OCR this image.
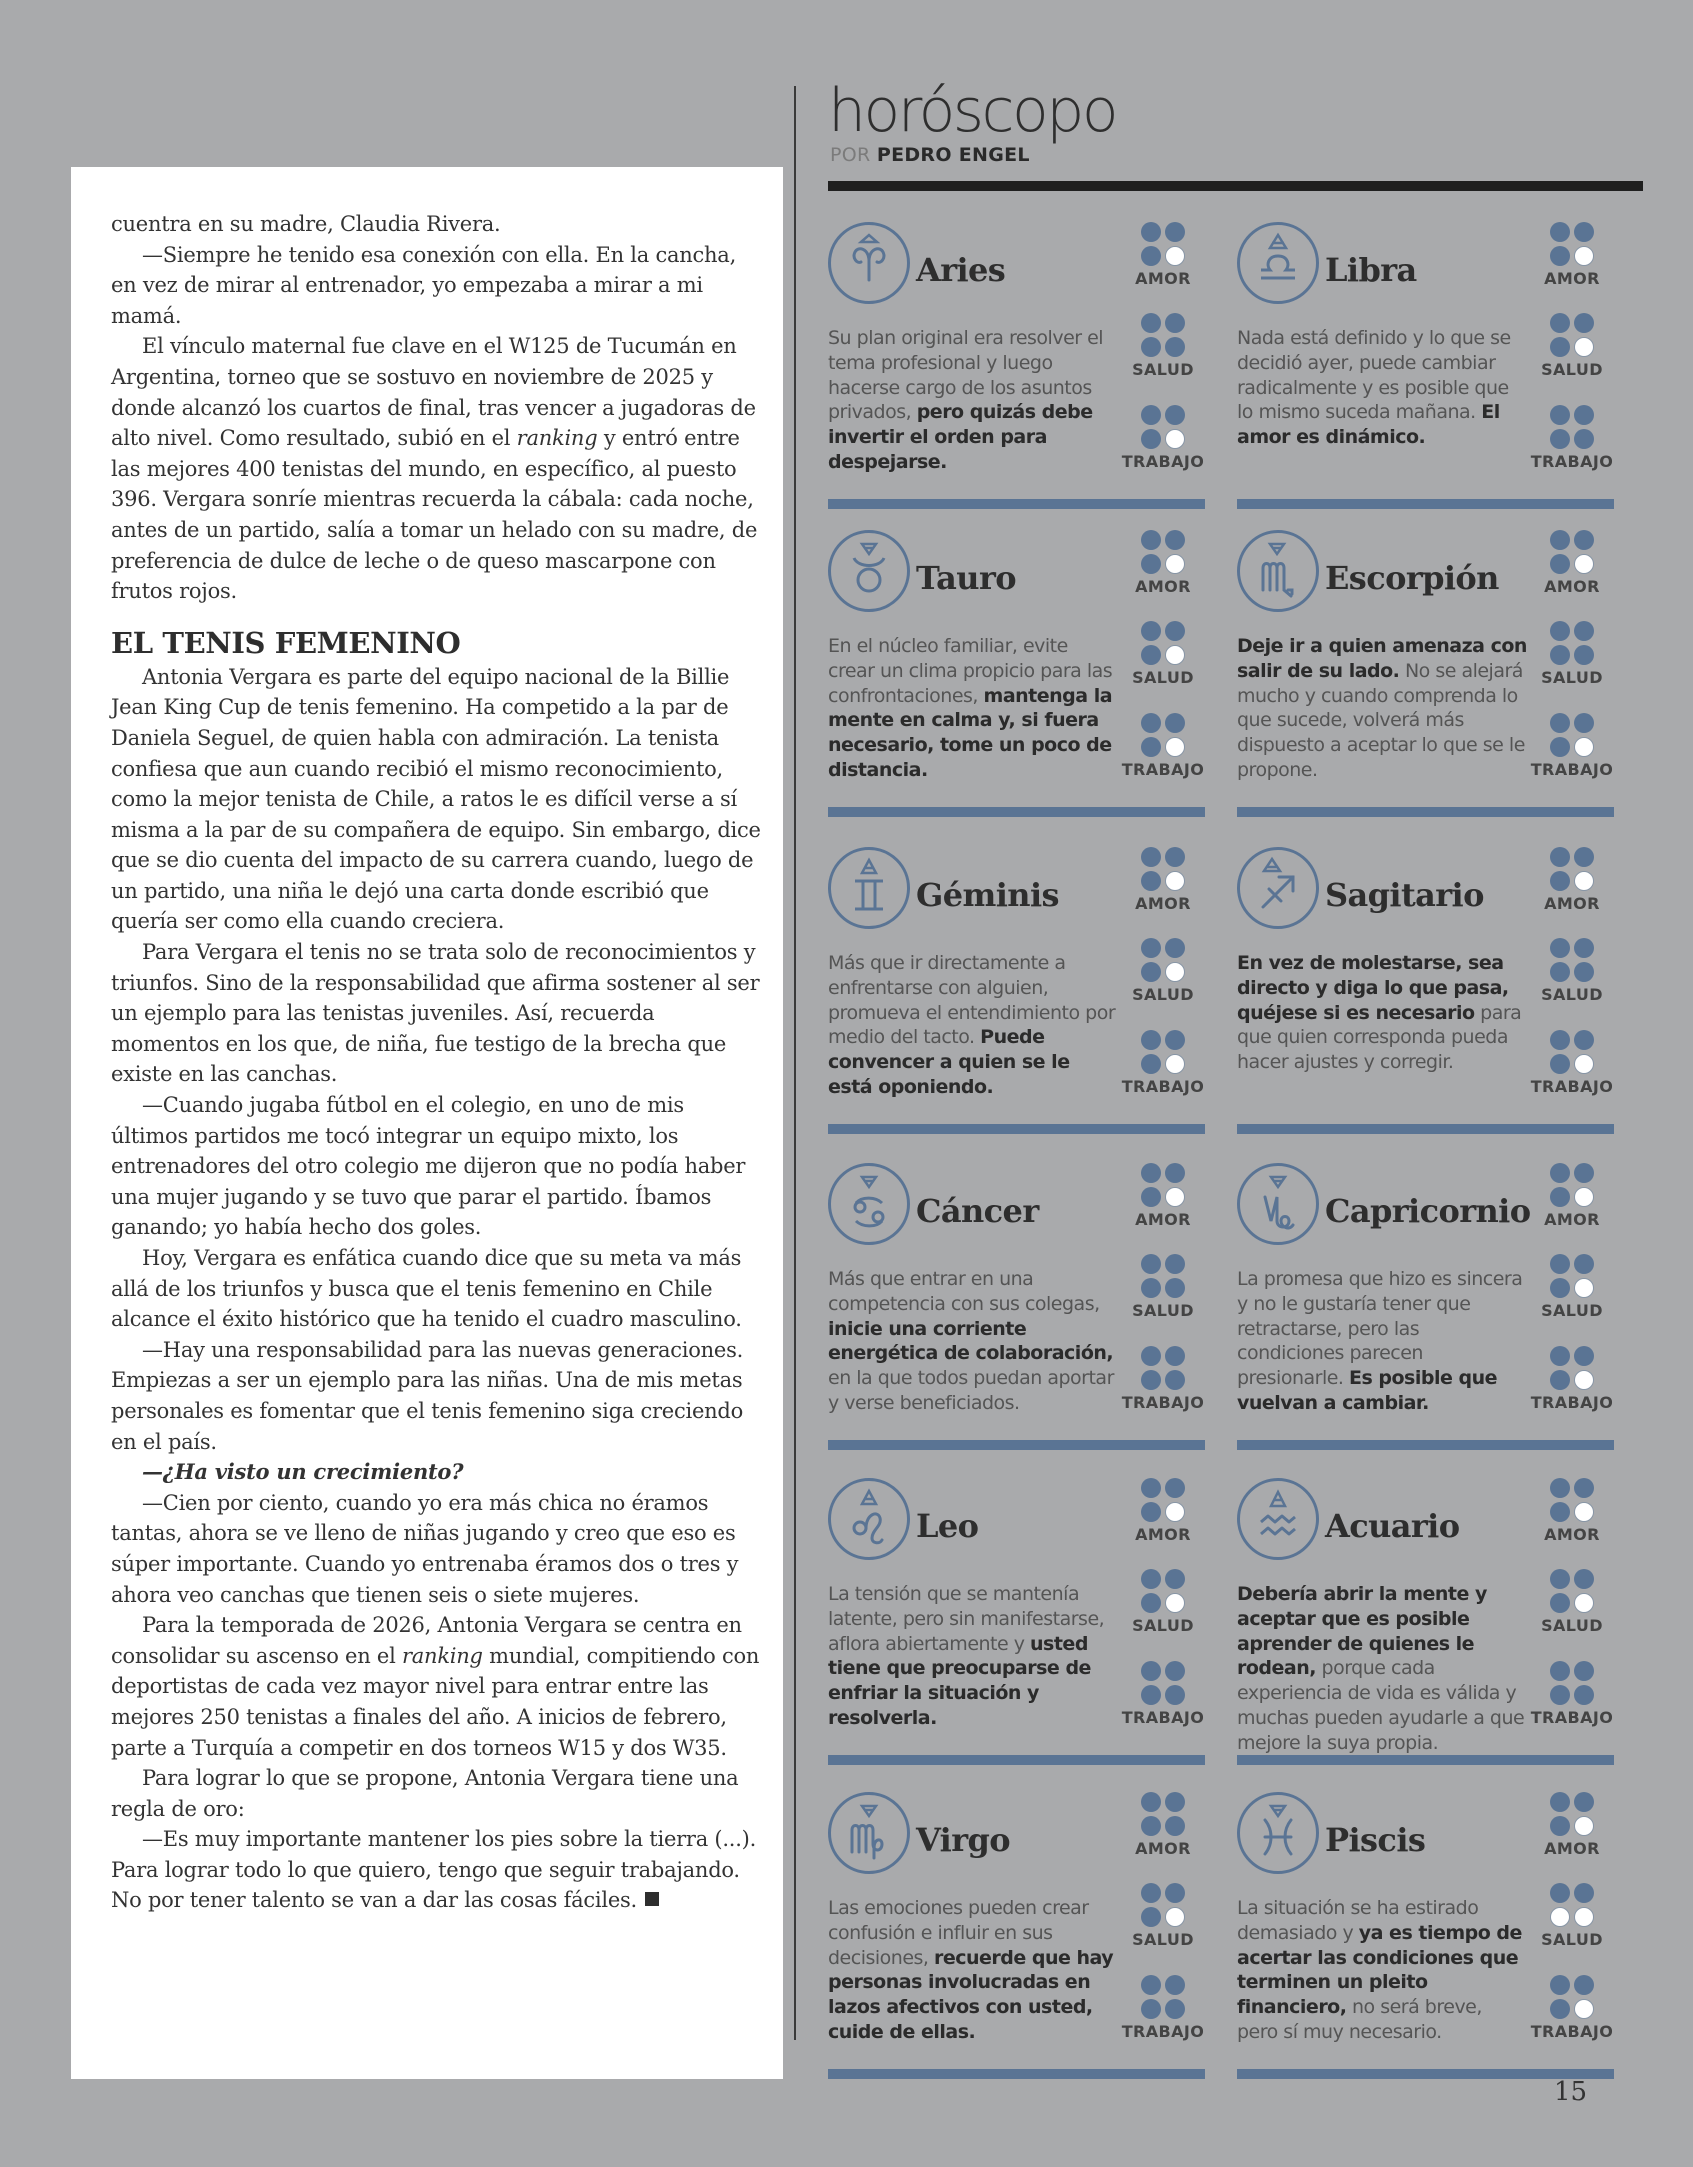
cuentra en su madre, Claudia Rivera.

—Siempre he tenido esa conexión con ella. En la cancha, en vez de mirar al entrenador, yo empezaba a mirar a mi mamá.

El vínculo maternal fue clave en el W125 de Tucumán en Argentina, torneo que se sostuvo en noviembre de 2025 y donde alcanzó los cuartos de final, tras vencer a jugadoras de alto nivel. Como resultado, subió en el ranking y entró entre las mejores 400 tenistas del mundo, en específico, al puesto 396. Vergara sonríe mientras recuerda la cábala: cada noche, antes de un partido, salía a tomar un helado con su madre, de preferencia de dulce de leche o de queso mascarpone con frutos rojos.

EL TENIS FEMENINO

Antonia Vergara es parte del equipo nacional de la Billie Jean King Cup de tenis femenino. Ha competido a la par de Daniela Seguel, de quien habla con admiración. La tenista confiesa que aun cuando recibió el mismo reconocimiento, como la mejor tenista de Chile, a ratos le es difícil verse a sí misma a la par de su compañera de equipo. Sin embargo, dice que se dio cuenta del impacto de su carrera cuando, luego de un partido, una niña le dejó una carta donde escribió que quería ser como ella cuando creciera.

Para Vergara el tenis no se trata solo de reconocimientos y triunfos. Sino de la responsabilidad que afirma sostener al ser un ejemplo para las tenistas juveniles. Así, recuerda momentos en los que, de niña, fue testigo de la brecha que existe en las canchas.

—Cuando jugaba fútbol en el colegio, en uno de mis últimos partidos me tocó integrar un equipo mixto, los entrenadores del otro colegio me dijeron que no podía haber una mujer jugando y se tuvo que parar el partido. Íbamos ganando; yo había hecho dos goles.

Hoy, Vergara es enfática cuando dice que su meta va más allá de los triunfos y busca que el tenis femenino en Chile alcance el éxito histórico que ha tenido el cuadro masculino.

—Hay una responsabilidad para las nuevas generaciones. Empiezas a ser un ejemplo para las niñas. Una de mis metas personales es fomentar que el tenis femenino siga creciendo en el país.

—¿Ha visto un crecimiento?

—Cien por ciento, cuando yo era más chica no éramos tantas, ahora se ve lleno de niñas jugando y creo que eso es súper importante. Cuando yo entrenaba éramos dos o tres y ahora veo canchas que tienen seis o siete mujeres.

Para la temporada de 2026, Antonia Vergara se centra en consolidar su ascenso en el ranking mundial, compitiendo con deportistas de cada vez mayor nivel para entrar entre las mejores 250 tenistas a finales del año. A inicios de febrero, parte a Turquía a competir en dos torneos W15 y dos W35.

Para lograr lo que se propone, Antonia Vergara tiene una regla de oro:

—Es muy importante mantener los pies sobre la tierra (...). Para lograr todo lo que quiero, tengo que seguir trabajando. No por tener talento se van a dar las cosas fáciles.

horóscopo
POR PEDRO ENGEL
Aries

Su plan original era resolver el tema profesional y luego hacerse cargo de los asuntos privados, pero quizás debe invertir el orden para despejarse.

AMOR
SALUD
TRABAJO
Libra

Nada está definido y lo que se decidió ayer, puede cambiar radicalmente y es posible que lo mismo suceda mañana. El amor es dinámico.

AMOR
SALUD
TRABAJO
Tauro

En el núcleo familiar, evite crear un clima propicio para las confrontaciones, mantenga la mente en calma y, si fuera necesario, tome un poco de distancia.

AMOR
SALUD
TRABAJO
Escorpión

Deje ir a quien amenaza con salir de su lado. No se alejará mucho y cuando comprenda lo que sucede, volverá más dispuesto a aceptar lo que se le propone.

AMOR
SALUD
TRABAJO
Géminis

Más que ir directamente a enfrentarse con alguien, promueva el entendimiento por medio del tacto. Puede convencer a quien se le está oponiendo.

AMOR
SALUD
TRABAJO
Sagitario

En vez de molestarse, sea directo y diga lo que pasa, quéjese si es necesario para que quien corresponda pueda hacer ajustes y corregir.

AMOR
SALUD
TRABAJO
Cáncer

Más que entrar en una competencia con sus colegas, inicie una corriente energética de colaboración, en la que todos puedan aportar y verse beneficiados.

AMOR
SALUD
TRABAJO
Capricornio

La promesa que hizo es sincera y no le gustaría tener que retractarse, pero las condiciones parecen presionarle. Es posible que vuelvan a cambiar.

AMOR
SALUD
TRABAJO
Leo

La tensión que se mantenía latente, pero sin manifestarse, aflora abiertamente y usted tiene que preocuparse de enfriar la situación y resolverla.

AMOR
SALUD
TRABAJO
Acuario

Debería abrir la mente y aceptar que es posible aprender de quienes le rodean, porque cada experiencia de vida es válida y muchas pueden ayudarle a que mejore la suya propia.

AMOR
SALUD
TRABAJO
Virgo

Las emociones pueden crear confusión e influir en sus decisiones, recuerde que hay personas involucradas en lazos afectivos con usted, cuide de ellas.

AMOR
SALUD
TRABAJO
Piscis

La situación se ha estirado demasiado y ya es tiempo de acertar las condiciones que terminen un pleito financiero, no será breve, pero sí muy necesario.

AMOR
SALUD
TRABAJO
15
